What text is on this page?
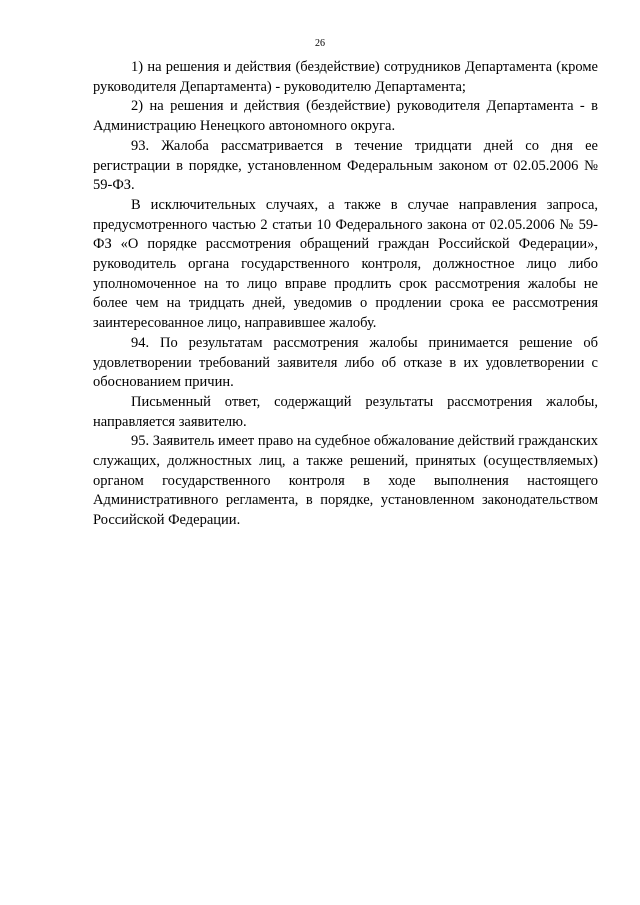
26

1) на решения и действия (бездействие) сотрудников Департамента (кроме руководителя Департамента) - руководителю Департамента;

2) на решения и действия (бездействие) руководителя Департамента - в Администрацию Ненецкого автономного округа.

93. Жалоба рассматривается в течение тридцати дней со дня ее регистрации в порядке, установленном Федеральным законом от 02.05.2006 № 59-ФЗ.

В исключительных случаях, а также в случае направления запроса, предусмотренного частью 2 статьи 10 Федерального закона от 02.05.2006 № 59-ФЗ «О порядке рассмотрения обращений граждан Российской Федерации», руководитель органа государственного контроля, должностное лицо либо уполномоченное на то лицо вправе продлить срок рассмотрения жалобы не более чем на тридцать дней, уведомив о продлении срока ее рассмотрения заинтересованное лицо, направившее жалобу.

94. По результатам рассмотрения жалобы принимается решение об удовлетворении требований заявителя либо об отказе в их удовлетворении с обоснованием причин.

Письменный ответ, содержащий результаты рассмотрения жалобы, направляется заявителю.

95. Заявитель имеет право на судебное обжалование действий гражданских служащих, должностных лиц, а также решений, принятых (осуществляемых) органом государственного контроля в ходе выполнения настоящего Административного регламента, в порядке, установленном законодательством Российской Федерации.
